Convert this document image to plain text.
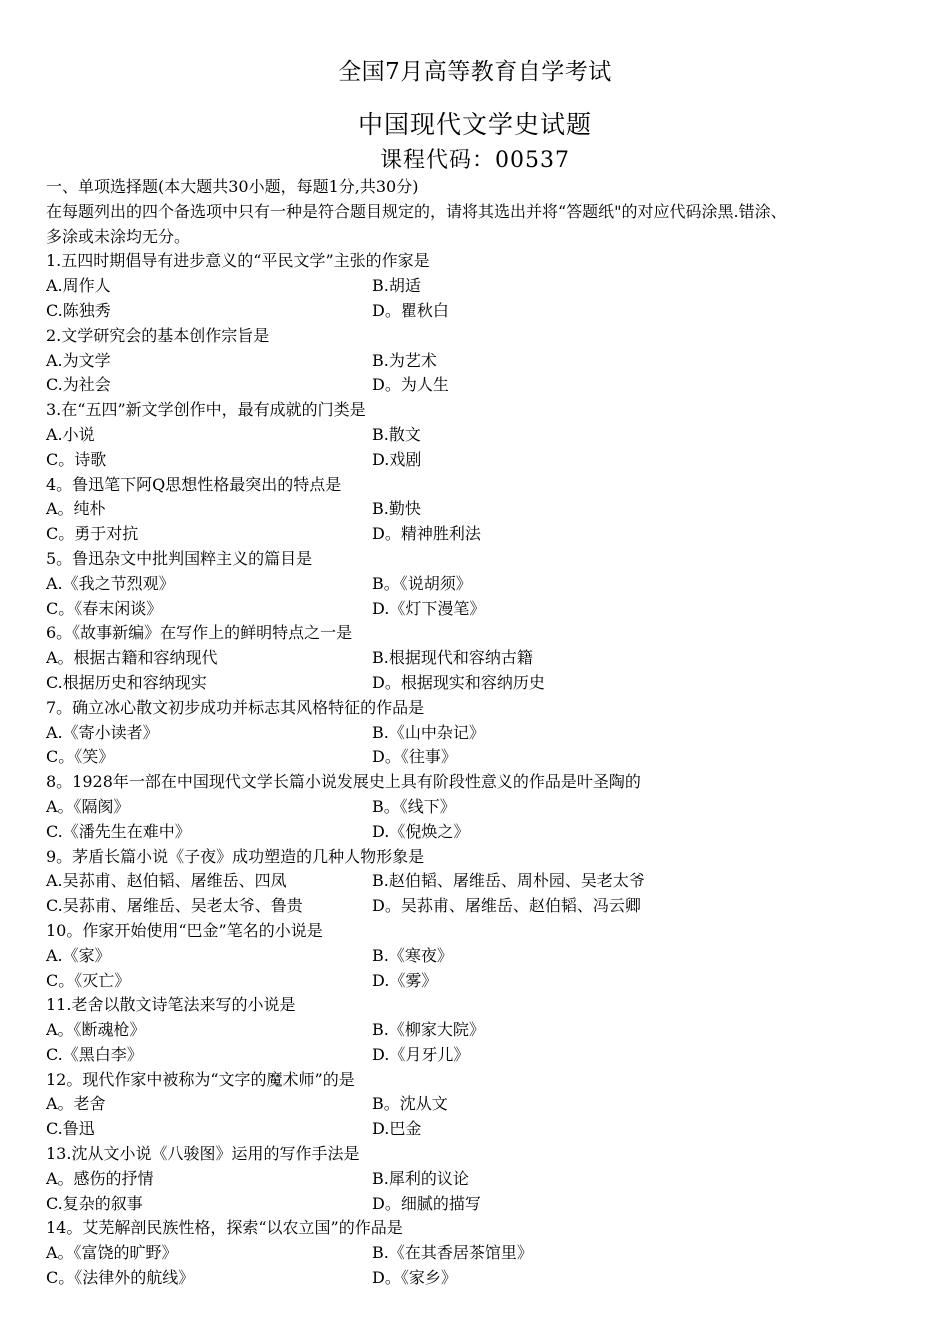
全国7月高等教育自学考试
中国现代文学史试题
课程代码：00537
一、单项选择题(本大题共30小题，每题1分,共30分)
在每题列出的四个备选项中只有一种是符合题目规定的，请将其选出并将“答题纸"的对应代码涂黑.错涂、
多涂或未涂均无分。
1.五四时期倡导有进步意义的“平民文学”主张的作家是
A.周作人	B.胡适
C.陈独秀	D。瞿秋白
2.文学研究会的基本创作宗旨是
A.为文学	B.为艺术
C.为社会	D。为人生
3.在“五四”新文学创作中，最有成就的门类是
A.小说	B.散文
C。诗歌	D.戏剧
4。鲁迅笔下阿Q思想性格最突出的特点是
A。纯朴	B.勤快
C。勇于对抗	D。精神胜利法
5。鲁迅杂文中批判国粹主义的篇目是
A.《我之节烈观》	B。《说胡须》
C。《春末闲谈》	D.《灯下漫笔》
6。《故事新编》在写作上的鲜明特点之一是
A。根据古籍和容纳现代	B.根据现代和容纳古籍
C.根据历史和容纳现实	D。根据现实和容纳历史
7。确立冰心散文初步成功并标志其风格特征的作品是
A.《寄小读者》	B.《山中杂记》
C。《笑》	D。《往事》
8。1928年一部在中国现代文学长篇小说发展史上具有阶段性意义的作品是叶圣陶的
A。《隔阂》	B。《线下》
C.《潘先生在难中》	D.《倪焕之》
9。茅盾长篇小说《子夜》成功塑造的几种人物形象是
A.吴荪甫、赵伯韬、屠维岳、四凤	B.赵伯韬、屠维岳、周朴园、吴老太爷
C.吴荪甫、屠维岳、吴老太爷、鲁贵	D。吴荪甫、屠维岳、赵伯韬、冯云卿
10。作家开始使用“巴金”笔名的小说是
A.《家》	B.《寒夜》
C。《灭亡》	D.《雾》
11.老舍以散文诗笔法来写的小说是
A。《断魂枪》	B.《柳家大院》
C.《黑白李》	D.《月牙儿》
12。现代作家中被称为“文字的魔术师”的是
A。老舍	B。沈从文
C.鲁迅	D.巴金
13.沈从文小说《八骏图》运用的写作手法是
A。感伤的抒情	B.犀利的议论
C.复杂的叙事	D。细腻的描写
14。艾芜解剖民族性格，探索“以农立国”的作品是
A。《富饶的旷野》	B.《在其香居茶馆里》
C。《法律外的航线》	D。《家乡》
